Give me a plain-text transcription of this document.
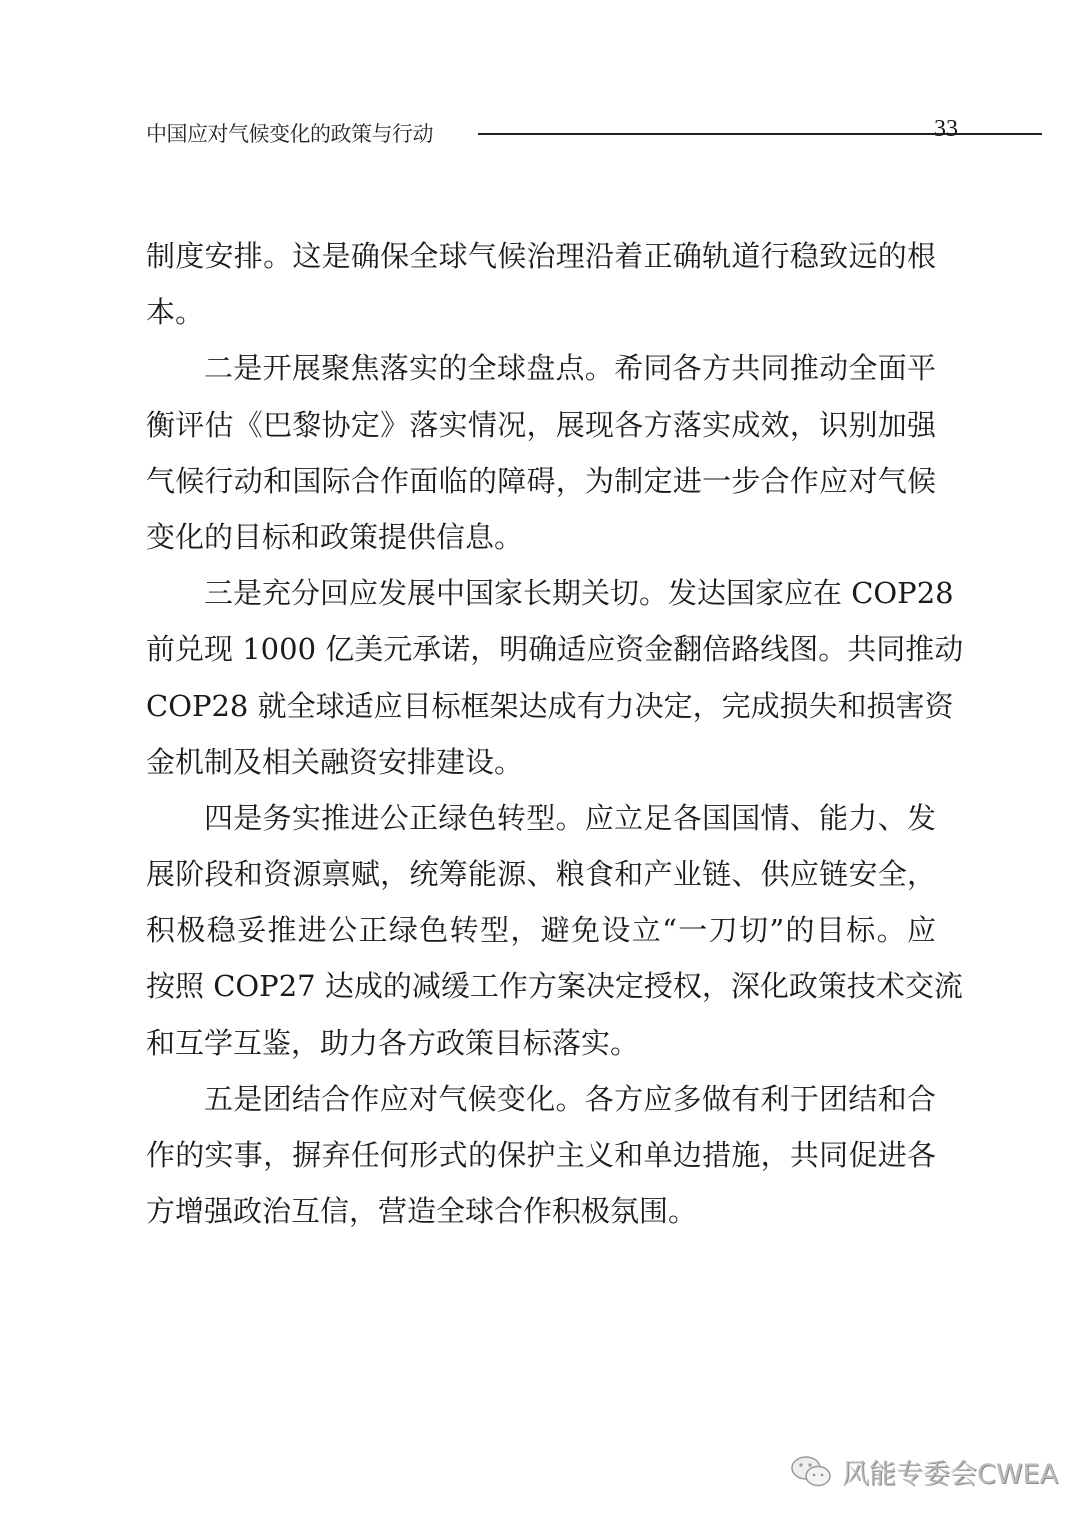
中国应对气候变化的政策与行动	33
制度安排。这是确保全球气候治理沿着正确轨道行稳致远的根
本。
二是开展聚焦落实的全球盘点。希同各方共同推动全面平
衡评估《巴黎协定》落实情况，展现各方落实成效，识别加强
气候行动和国际合作面临的障碍，为制定进一步合作应对气候
变化的目标和政策提供信息。
三是充分回应发展中国家长期关切。发达国家应在 COP28
前兑现 1000 亿美元承诺，明确适应资金翻倍路线图。共同推动
COP28 就全球适应目标框架达成有力决定，完成损失和损害资
金机制及相关融资安排建设。
四是务实推进公正绿色转型。应立足各国国情、能力、发
展阶段和资源禀赋，统筹能源、粮食和产业链、供应链安全，
积极稳妥推进公正绿色转型，避免设立“一刀切”的目标。应
按照 COP27 达成的减缓工作方案决定授权，深化政策技术交流
和互学互鉴，助力各方政策目标落实。
五是团结合作应对气候变化。各方应多做有利于团结和合
作的实事，摒弃任何形式的保护主义和单边措施，共同促进各
方增强政治互信，营造全球合作积极氛围。
风能专委会CWEA
